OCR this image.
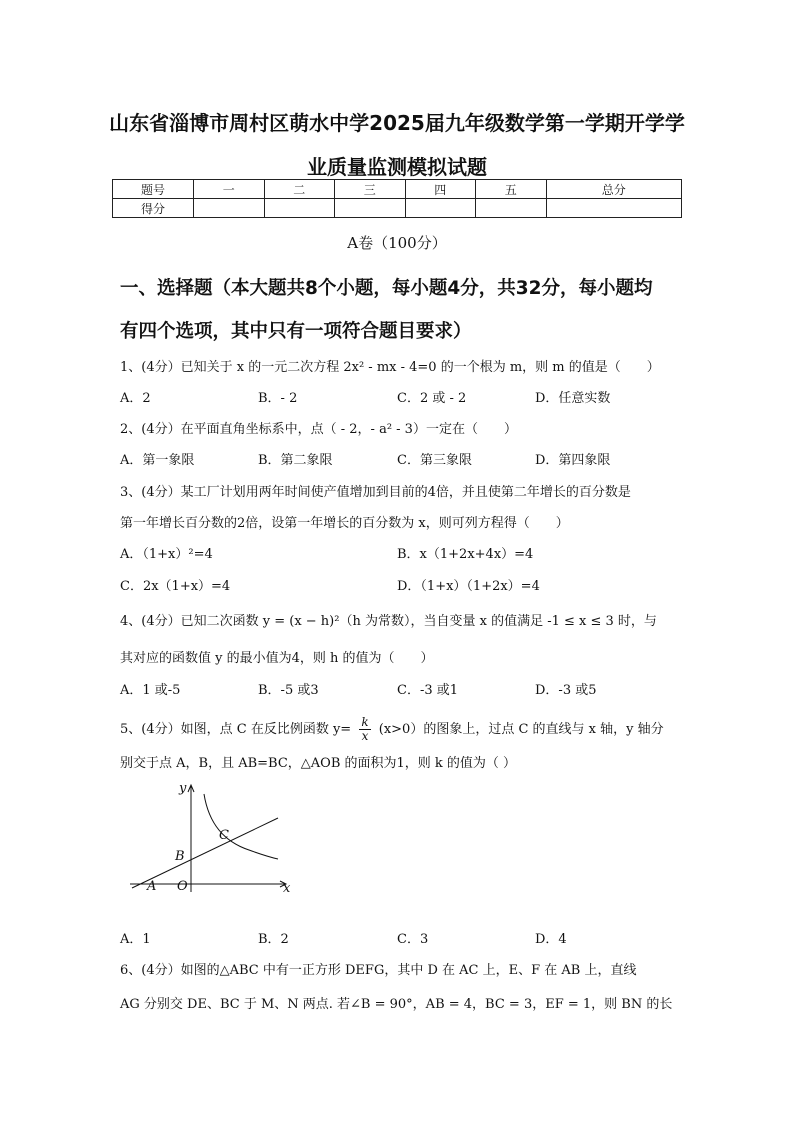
山东省淄博市周村区萌水中学2025届九年级数学第一学期开学学
业质量监测模拟试题
题号	一	二	三	四	五	总分
得分						
A卷（100分）
一、选择题（本大题共8个小题，每小题4分，共32分，每小题均
有四个选项，其中只有一项符合题目要求）
1、(4分）已知关于 x 的一元二次方程 2x² - mx - 4=0 的一个根为 m，则 m 的值是（　　）
A．2	B．- 2	C．2 或 - 2	D．任意实数
2、(4分）在平面直角坐标系中，点（ - 2，- a² - 3）一定在（　　）
A．第一象限	B．第二象限	C．第三象限	D．第四象限
3、(4分）某工厂计划用两年时间使产值增加到目前的4倍，并且使第二年增长的百分数是
第一年增长百分数的2倍，设第一年增长的百分数为 x，则可列方程得（　　）
A．（1+x）²=4	B．x（1+2x+4x）=4
C．2x（1+x）=4	D．（1+x）（1+2x）=4
4、(4分）已知二次函数 y = (x − h)²（h 为常数），当自变量 x 的值满足 -1 ≤ x ≤ 3 时，与
其对应的函数值 y 的最小值为4，则 h 的值为（　　）
A．1 或-5	B．-5 或3	C．-3 或1	D．-3 或5
5、(4分）如图，点 C 在反比例函数 $y= \frac{k}{x} (x>0)$的图象上，过点 C 的直线与 x 轴，y 轴分
别交于点 A，B，且 AB=BC，△AOB 的面积为1，则 k 的值为（ ）
y
x
O
A
B
C
A．1	B．2	C．3	D．4
6、(4分）如图的△ABC 中有一正方形 DEFG，其中 D 在 AC 上，E、F 在 AB 上，直线
AG 分别交 DE、BC 于 M、N 两点. 若∠B = 90°，AB = 4，BC = 3，EF = 1，则 BN 的长
